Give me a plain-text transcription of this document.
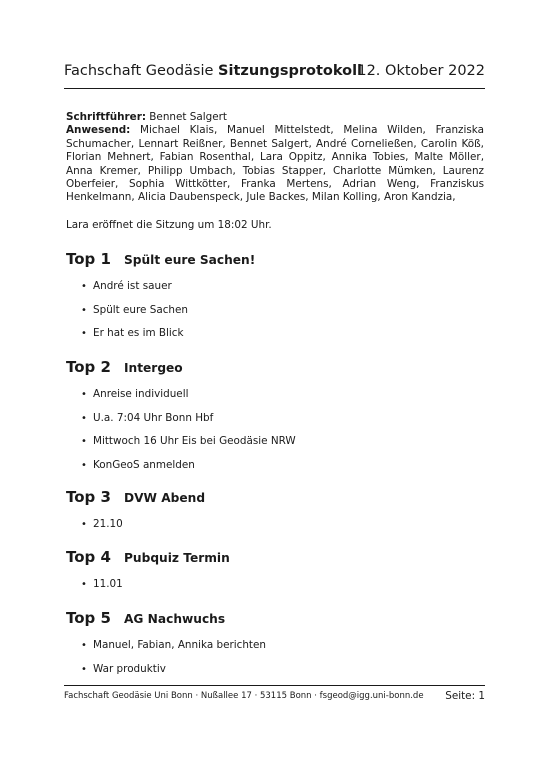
Fachschaft Geodäsie Sitzungsprotokoll
12. Oktober 2022
Schriftführer: Bennet Salgert
Anwesend: Michael Klais, Manuel Mittelstedt, Melina Wilden, Franziska Schumacher, Lennart Reißner, Bennet Salgert, André Corneließen, Carolin Köß, Florian Mehnert, Fabian Rosenthal, Lara Oppitz, Annika Tobies, Malte Möller, Anna Kremer, Philipp Umbach, Tobias Stapper, Charlotte Mümken, Laurenz Oberfeier, Sophia Wittkötter, Franka Mertens, Adrian Weng, Franziskus Henkelmann, Alicia Daubenspeck, Jule Backes, Milan Kolling, Aron Kandzia,
Lara eröffnet die Sitzung um 18:02 Uhr.
Top 1 Spült eure Sachen!
• André ist sauer
• Spült eure Sachen
• Er hat es im Blick
Top 2 Intergeo
• Anreise individuell
• U.a. 7:04 Uhr Bonn Hbf
• Mittwoch 16 Uhr Eis bei Geodäsie NRW
• KonGeoS anmelden
Top 3 DVW Abend
• 21.10
Top 4 Pubquiz Termin
• 11.01
Top 5 AG Nachwuchs
• Manuel, Fabian, Annika berichten
• War produktiv
Fachschaft Geodäsie Uni Bonn · Nußallee 17 · 53115 Bonn · fsgeod@igg.uni-bonn.de Seite: 1
